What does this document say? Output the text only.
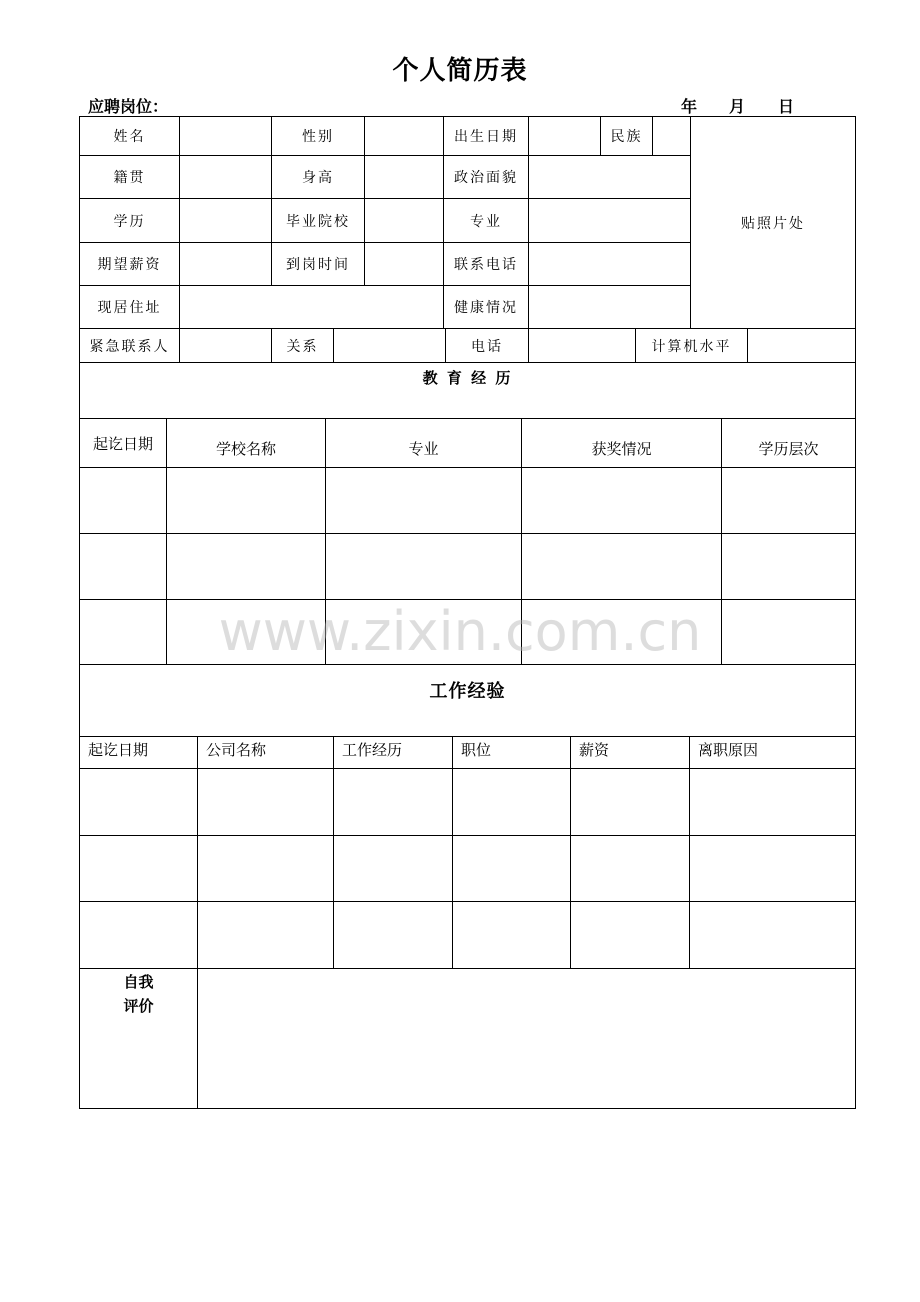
个人简历表
应聘岗位：	年 月 日
姓名	性别	出生日期	民族
籍贯	身高	政治面貌
学历	毕业院校	专业
期望薪资	到岗时间	联系电话
现居住址	健康情况
贴照片处
紧急联系人	关系	电话	计算机水平
教 育 经 历
起讫日期	学校名称	专业	获奖情况	学历层次
工作经验
起讫日期	公司名称	工作经历	职位	薪资	离职原因
自我
评价
www.zixin.com.cn
